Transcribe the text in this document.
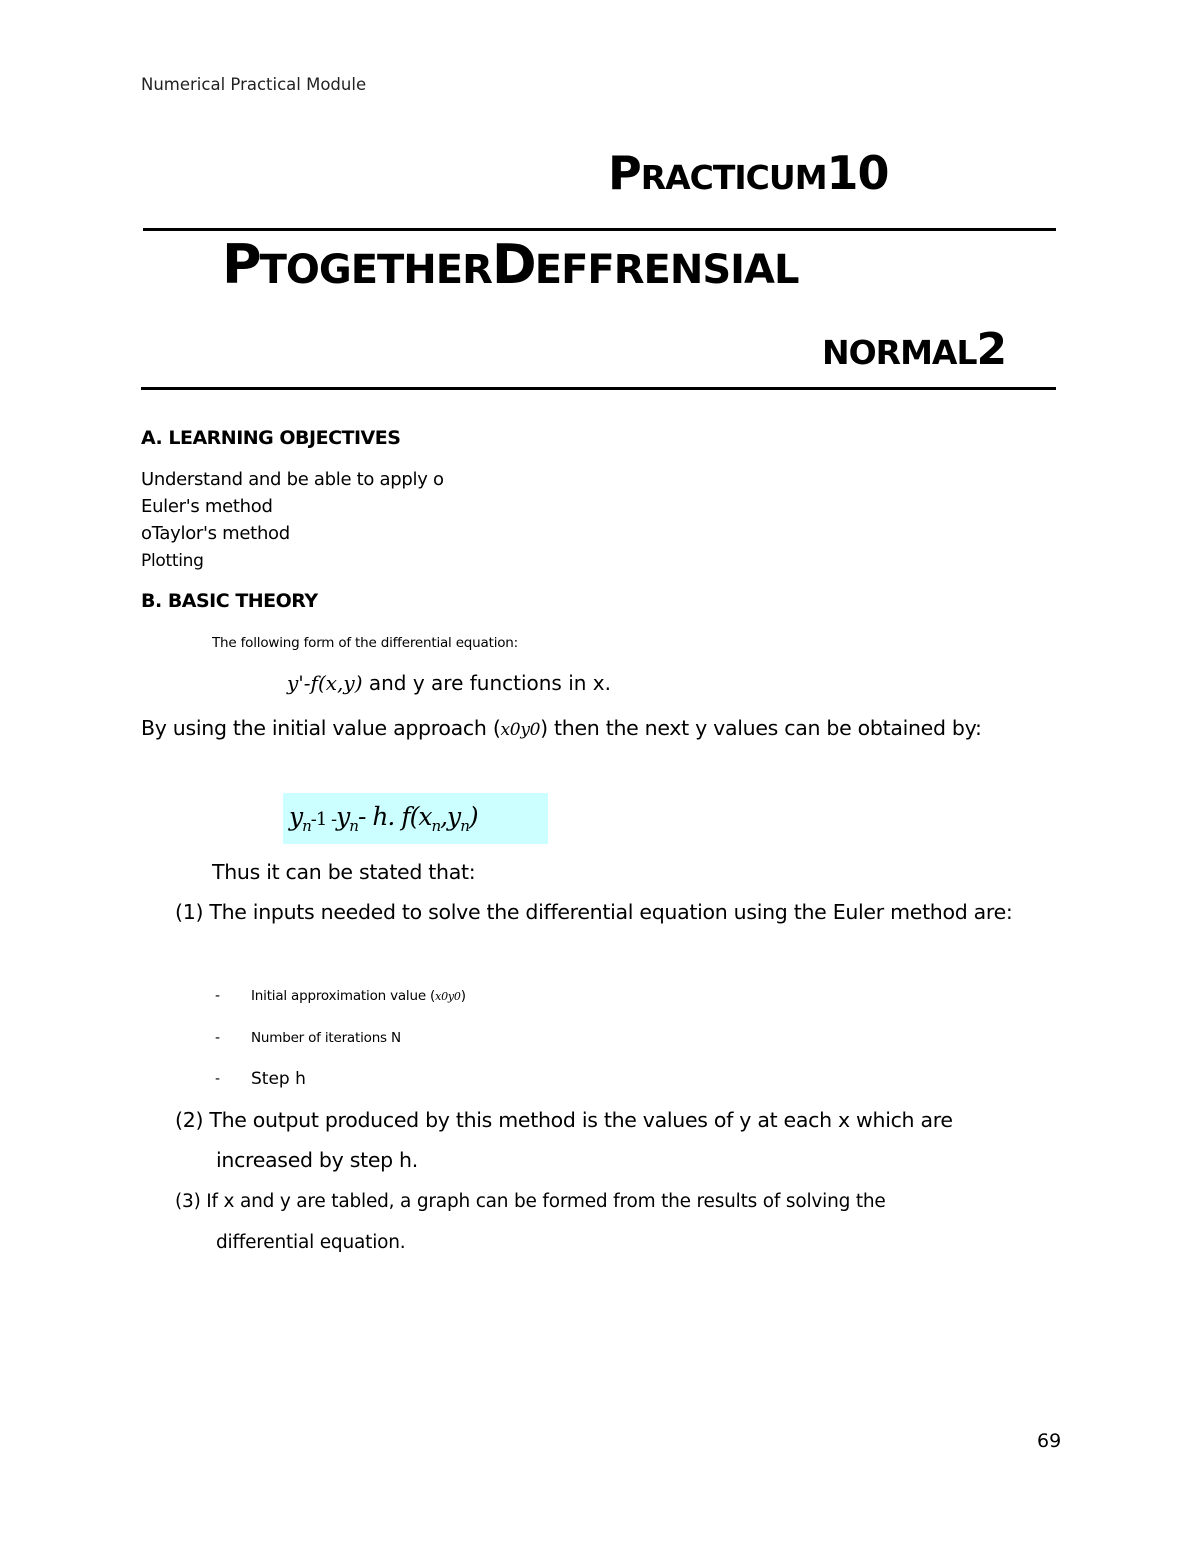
Numerical Practical Module
PRACTICUM10
PTOGETHERDEFFRENSIAL
NORMAL2
A. LEARNING OBJECTIVES
Understand and be able to apply o
Euler's method
oTaylor's method
Plotting
B. BASIC THEORY
The following form of the differential equation:
y'-f(x,y) and y are functions in x.
By using the initial value approach (x0y0) then the next y values can be obtained by:
$y_n-1$ $-y_n-$ h. $f(x_n,y_n)$
Thus it can be stated that:
(1) The inputs needed to solve the differential equation using the Euler method are:
- Initial approximation value (x0y0)
- Number of iterations N
- Step h
(2) The output produced by this method is the values of y at each x which are
increased by step h.
(3) If x and y are tabled, a graph can be formed from the results of solving the
differential equation.
69
